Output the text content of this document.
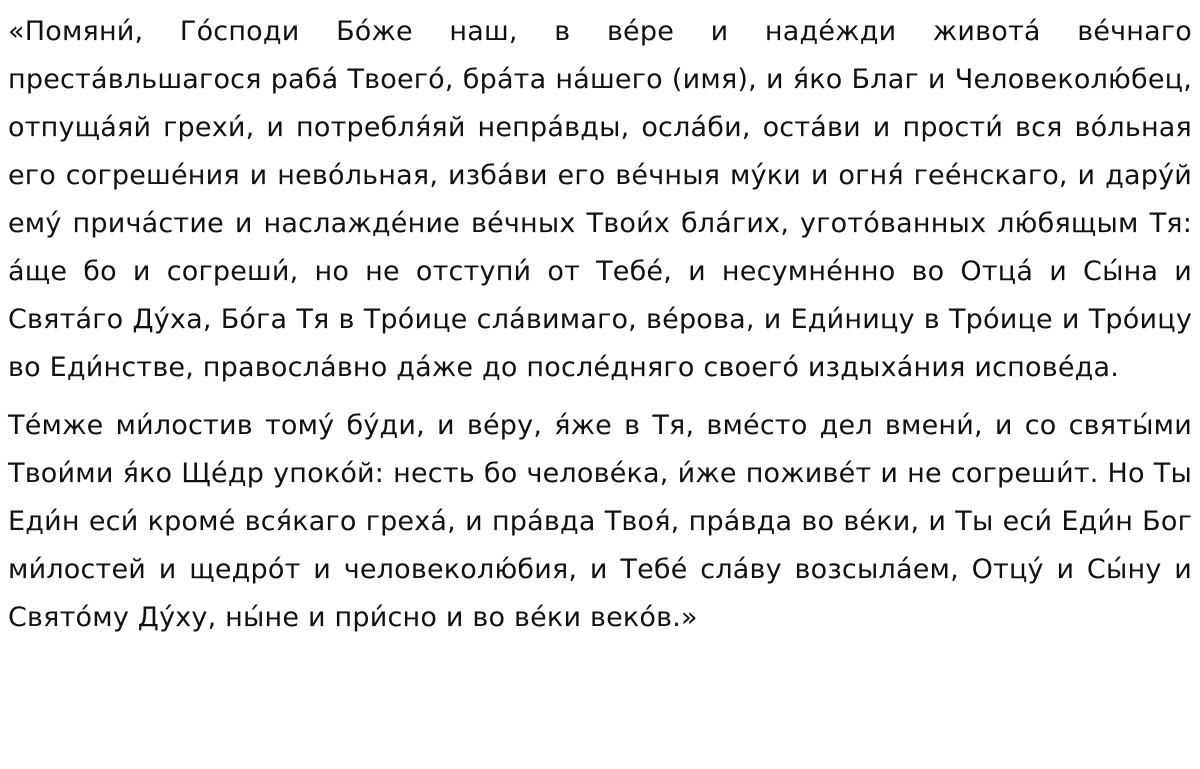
«Помяни́, Го́споди Бо́же наш, в ве́ре и наде́жди живота́ ве́чнаго преста́вльшагося раба́ Твоего́, бра́та на́шего (имя), и я́ко Благ и Человеколю́бец, отпуща́яй грехи́, и потребля́яй непра́вды, осла́би, оста́ви и прости́ вся во́льная его согреше́ния и нево́льная, изба́ви его ве́чныя му́ки и огня́ гее́нскаго, и дару́й ему́ прича́стие и наслажде́ние ве́чных Твои́х бла́гих, угото́ванных лю́бящым Тя: а́ще бо и согреши́, но не отступи́ от Тебе́, и несумне́нно во Отца́ и Сы́на и Свята́го Ду́ха, Бо́га Тя в Тро́ице сла́вимаго, ве́рова, и Еди́ницу в Тро́ице и Тро́ицу во Еди́нстве, правосла́вно да́же до после́дняго своего́ издыха́ния испове́да.

Те́мже ми́лостив тому́ бу́ди, и ве́ру, я́же в Тя, вме́сто дел вмени́, и со святы́ми Твои́ми я́ко Ще́др упоко́й: несть бо челове́ка, и́же поживе́т и не согреши́т. Но Ты Еди́н еси́ кроме́ вся́каго греха́, и пра́вда Твоя́, пра́вда во ве́ки, и Ты еси́ Еди́н Бог ми́лостей и щедро́т и человеколю́бия, и Тебе́ сла́ву возсыла́ем, Отцу́ и Сы́ну и Свято́му Ду́ху, ны́не и при́сно и во ве́ки веко́в.»
